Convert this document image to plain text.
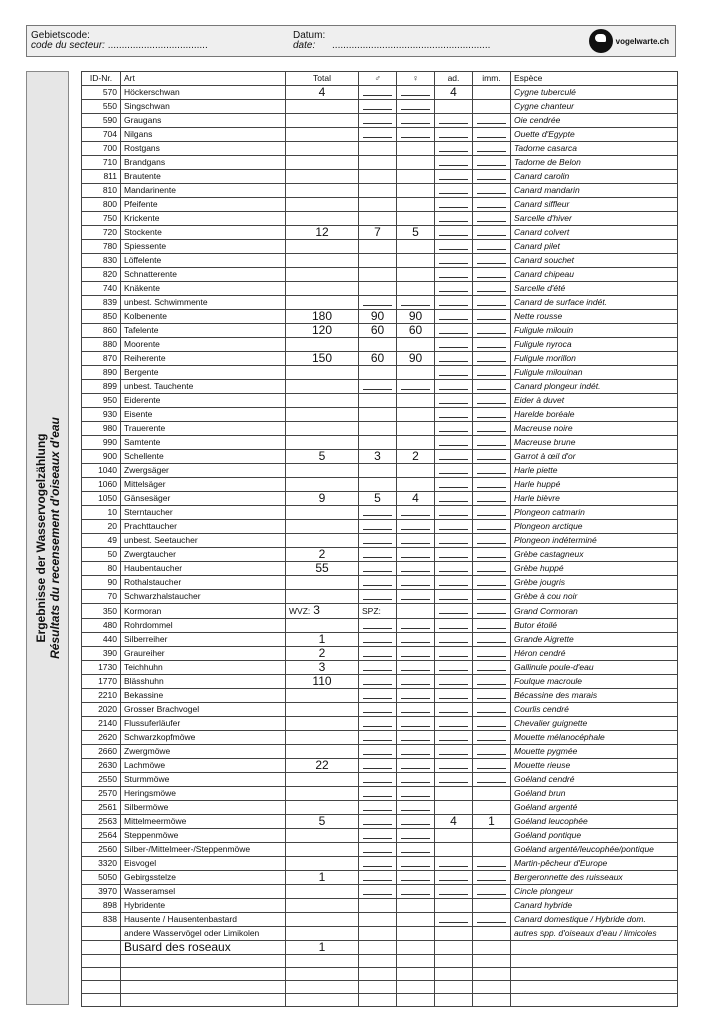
Gebietscode:
code du secteur: ....................................
Datum:
date: .........................................................	vogelwarte.ch
Ergebnisse der Wasservogelzählung Résultats du recensement d'oiseaux d'eau
ID-Nr.	Art	Total	♂	♀	ad.	imm.	Espèce
570	Höckerschwan	4			4		Cygne tuberculé
550	Singschwan						Cygne chanteur
590	Graugans						Oie cendrée
704	Nilgans						Ouette d'Egypte
700	Rostgans						Tadorne casarca
710	Brandgans						Tadorne de Belon
811	Brautente						Canard carolin
810	Mandarinente						Canard mandarin
800	Pfeifente						Canard siffleur
750	Krickente						Sarcelle d'hiver
720	Stockente	12	7	5			Canard colvert
780	Spiessente						Canard pilet
830	Löffelente						Canard souchet
820	Schnatterente						Canard chipeau
740	Knäkente						Sarcelle d'été
839	unbest. Schwimmente						Canard de surface indét.
850	Kolbenente	180	90	90			Nette rousse
860	Tafelente	120	60	60			Fuligule milouin
880	Moorente						Fuligule nyroca
870	Reiherente	150	60	90			Fuligule morillon
890	Bergente						Fuligule milouinan
899	unbest. Tauchente						Canard plongeur indét.
950	Eiderente						Eider à duvet
930	Eisente						Harelde boréale
980	Trauerente						Macreuse noire
990	Samtente						Macreuse brune
900	Schellente	5	3	2			Garrot à œil d'or
1040	Zwergsäger						Harle piette
1060	Mittelsäger						Harle huppé
1050	Gänsesäger	9	5	4			Harle bièvre
10	Sterntaucher						Plongeon catmarin
20	Prachttaucher						Plongeon arctique
49	unbest. Seetaucher						Plongeon indéterminé
50	Zwergtaucher	2					Grèbe castagneux
80	Haubentaucher	55					Grèbe huppé
90	Rothalstaucher						Grèbe jougris
70	Schwarzhalstaucher						Grèbe à cou noir
350	Kormoran	WVZ: 3	SPZ:				Grand Cormoran
480	Rohrdommel						Butor étoilé
440	Silberreiher	1					Grande Aigrette
390	Graureiher	2					Héron cendré
1730	Teichhuhn	3					Gallinule poule-d'eau
1770	Blässhuhn	110					Foulque macroule
2210	Bekassine						Bécassine des marais
2020	Grosser Brachvogel						Courlis cendré
2140	Flussuferläufer						Chevalier guignette
2620	Schwarzkopfmöwe						Mouette mélanocéphale
2660	Zwergmöwe						Mouette pygmée
2630	Lachmöwe	22					Mouette rieuse
2550	Sturmmöwe						Goéland cendré
2570	Heringsmöwe						Goéland brun
2561	Silbermöwe						Goéland argenté
2563	Mittelmeermöwe	5			4	1	Goéland leucophée
2564	Steppenmöwe						Goéland pontique
2560	Silber-/Mittelmeer-/Steppenmöwe						Goéland argenté/leucophée/pontique
3320	Eisvogel						Martin-pêcheur d'Europe
5050	Gebirgsstelze	1					Bergeronnette des ruisseaux
3970	Wasseramsel						Cincle plongeur
898	Hybridente						Canard hybride
838	Hausente / Hausentenbastard						Canard domestique / Hybride dom.
	andere Wasservögel oder Limikolen						autres spp. d'oiseaux d'eau / limicoles
	Busard des roseaux	1					
